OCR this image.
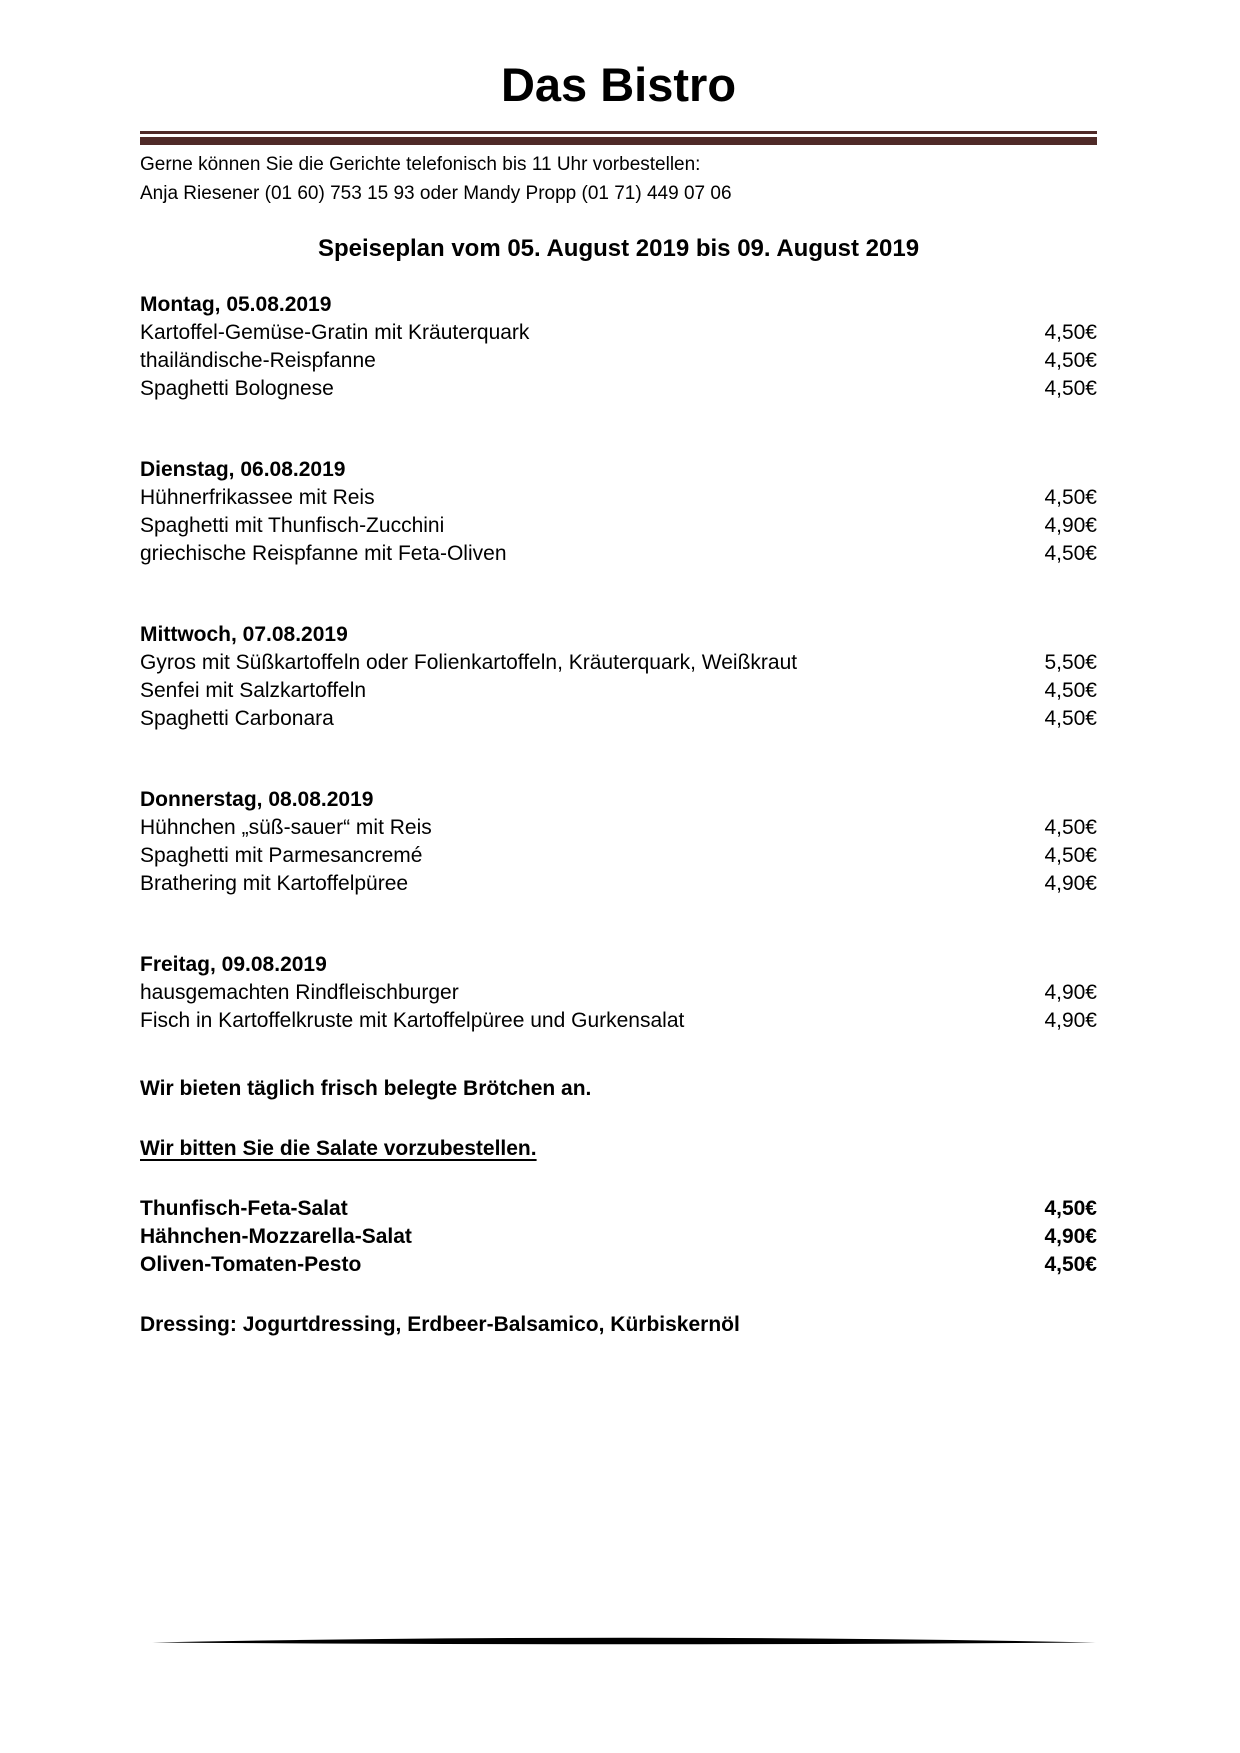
Das Bistro
Gerne können Sie die Gerichte telefonisch bis 11 Uhr vorbestellen:
Anja Riesener (01 60) 753 15 93 oder Mandy Propp (01 71) 449 07 06
Speiseplan vom 05. August 2019 bis 09. August 2019
Montag, 05.08.2019
Kartoffel-Gemüse-Gratin mit Kräuterquark	4,50€
thailändische-Reispfanne	4,50€
Spaghetti Bolognese	4,50€
Dienstag, 06.08.2019
Hühnerfrikassee mit Reis	4,50€
Spaghetti mit Thunfisch-Zucchini	4,90€
griechische Reispfanne mit Feta-Oliven	4,50€
Mittwoch, 07.08.2019
Gyros mit Süßkartoffeln oder Folienkartoffeln, Kräuterquark, Weißkraut	5,50€
Senfei mit Salzkartoffeln	4,50€
Spaghetti Carbonara	4,50€
Donnerstag, 08.08.2019
Hühnchen „süß-sauer“ mit Reis	4,50€
Spaghetti mit Parmesancremé	4,50€
Brathering mit Kartoffelpüree	4,90€
Freitag, 09.08.2019
hausgemachten Rindfleischburger	4,90€
Fisch in Kartoffelkruste mit Kartoffelpüree und Gurkensalat	4,90€

Wir bieten täglich frisch belegte Brötchen an.

Wir bitten Sie die Salate vorzubestellen.

Thunfisch-Feta-Salat	4,50€
Hähnchen-Mozzarella-Salat	4,90€
Oliven-Tomaten-Pesto	4,50€

Dressing: Jogurtdressing, Erdbeer-Balsamico, Kürbiskernöl
